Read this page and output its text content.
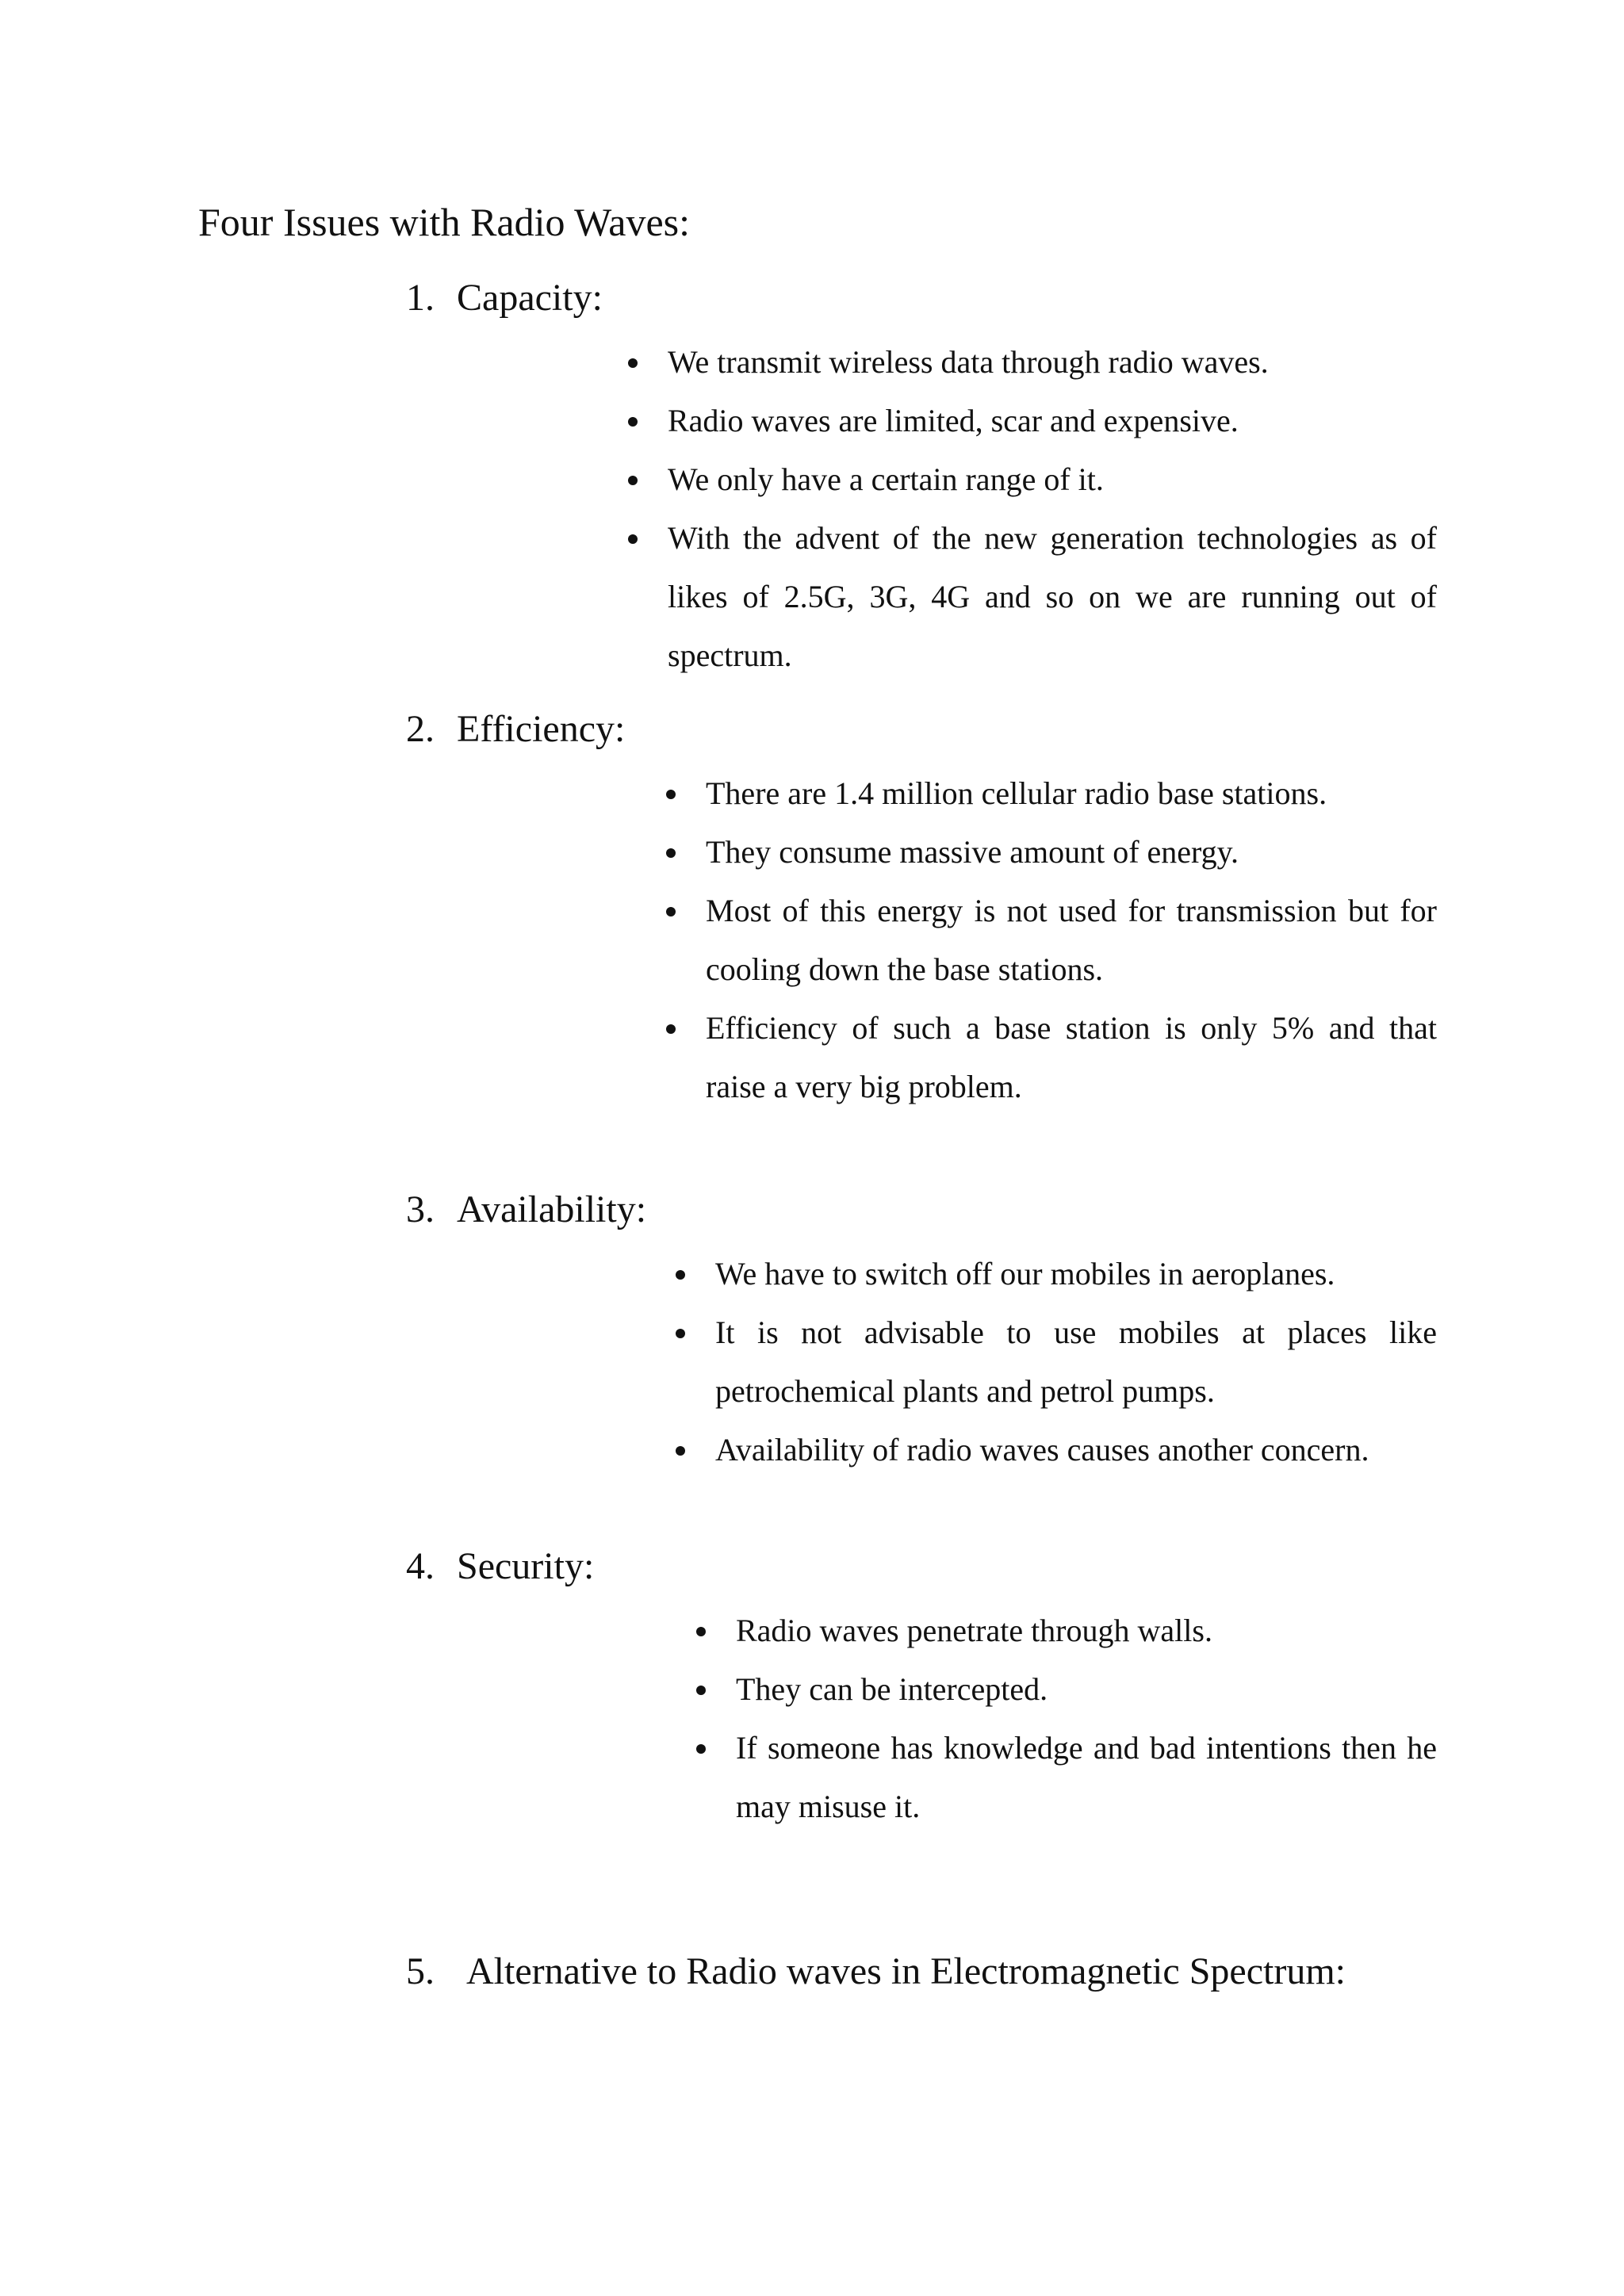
Four Issues with Radio Waves:
1. Capacity:
We transmit wireless data through radio waves.
Radio waves are limited, scar and expensive.
We only have a certain range of it.
With the advent of the new generation technologies as of likes of 2.5G, 3G, 4G and so on we are running out of spectrum.
2. Efficiency:
There are 1.4 million cellular radio base stations.
They consume massive amount of energy.
Most of this energy is not used for transmission but for cooling down the base stations.
Efficiency of such a base station is only 5% and that raise a very big problem.
3. Availability:
We have to switch off our mobiles in aeroplanes.
It is not advisable to use mobiles at places like petrochemical plants and petrol pumps.
Availability of radio waves causes another concern.
4. Security:
Radio waves penetrate through walls.
They can be intercepted.
If someone has knowledge and bad intentions then he may misuse it.
5. Alternative to Radio waves in Electromagnetic Spectrum:
